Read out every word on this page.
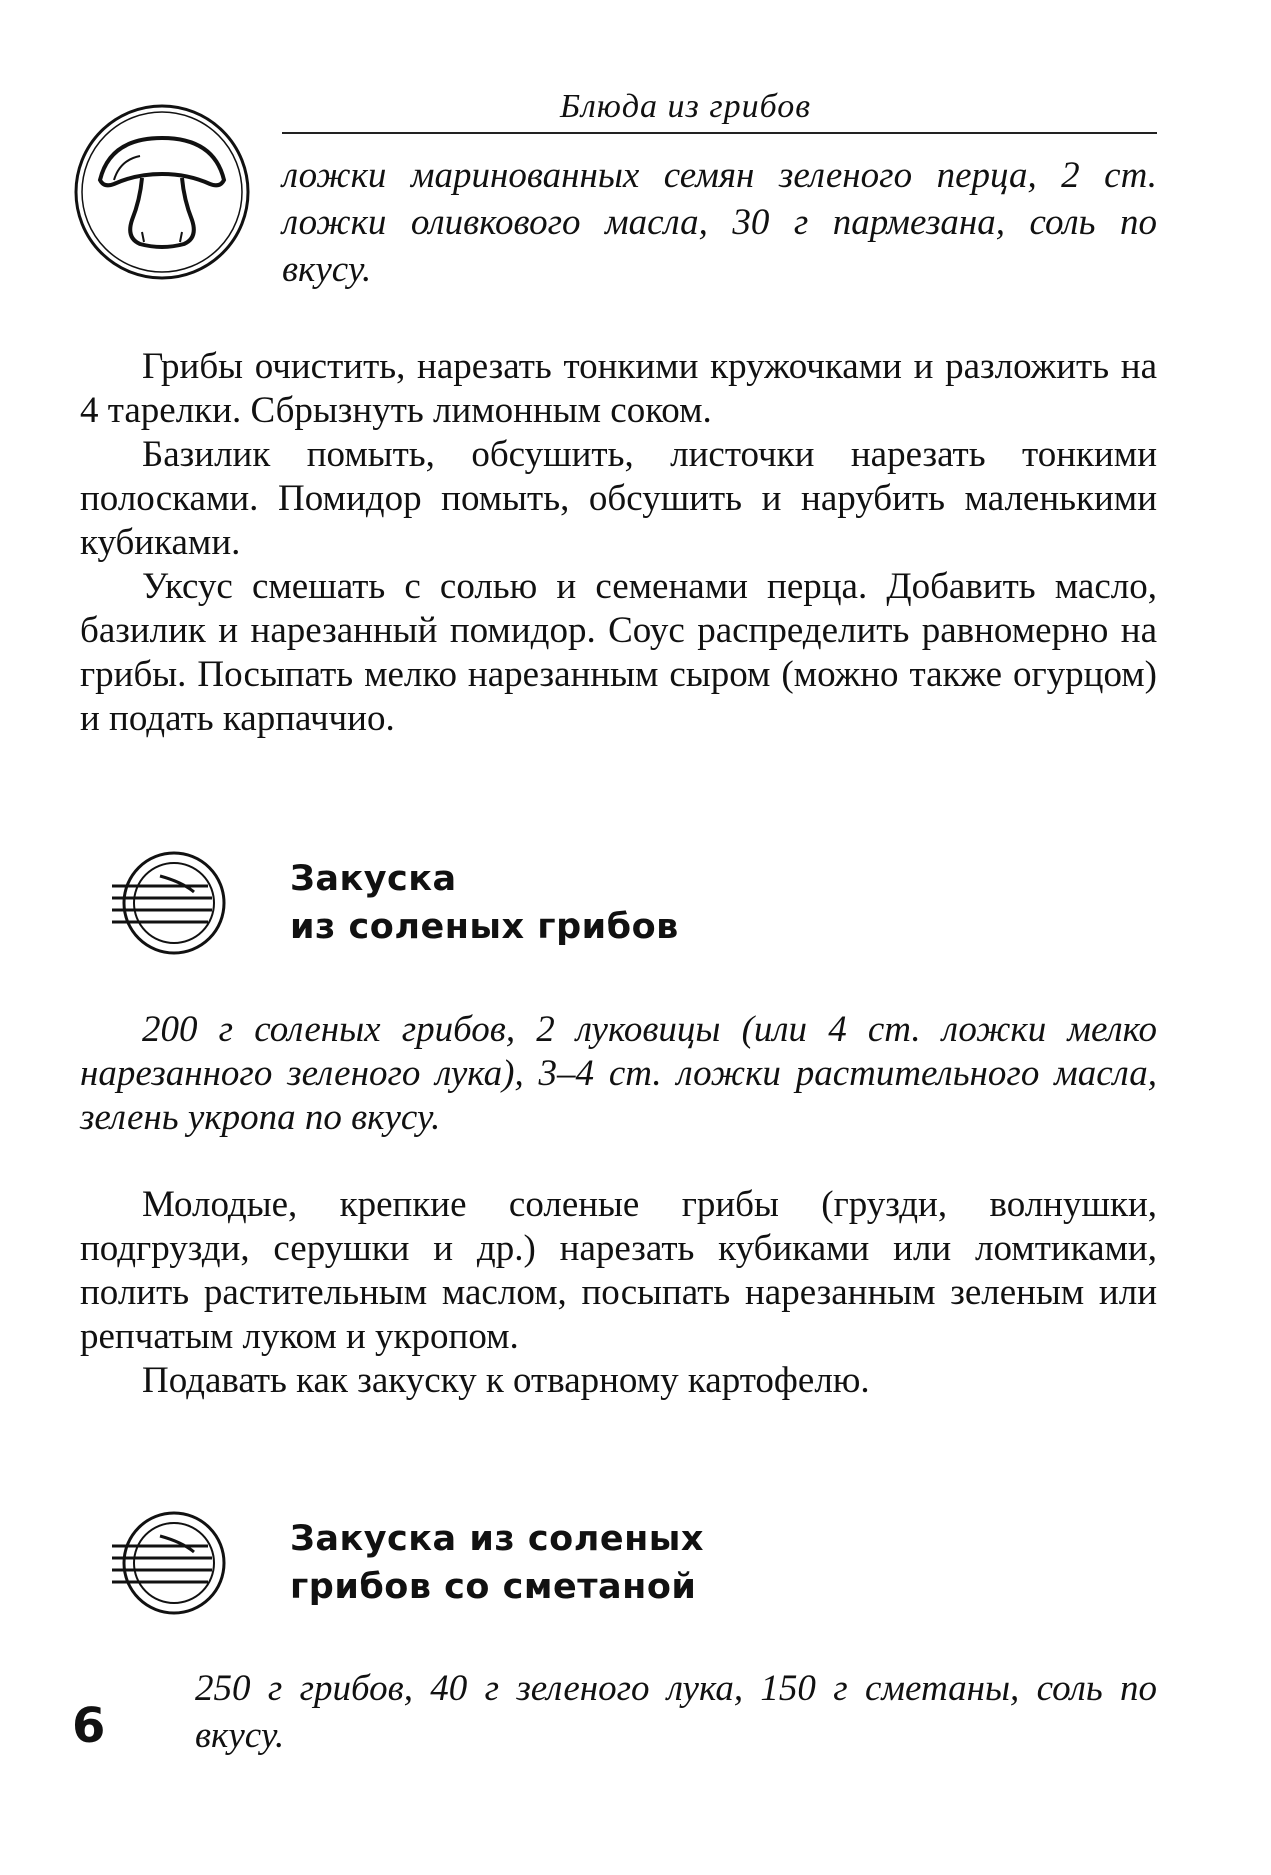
Блюда из грибов
ложки маринованных семян зеленого перца, 2 ст.
ложки оливкового масла, 30 г пармезана, соль по
вкусу.

Грибы очистить, нарезать тонкими кружочками и разложить на 4 тарелки. Сбрызнуть лимонным соком.

Базилик помыть, обсушить, листочки нарезать тонкими полосками. Помидор помыть, обсушить и нарубить маленькими кубиками.

Уксус смешать с солью и семенами перца. Добавить масло, базилик и нарезанный помидор. Соус распределить равномерно на грибы. Посыпать мелко нарезанным сыром (можно также огурцом) и подать карпаччио.

Закуска
из соленых грибов

200 г соленых грибов, 2 луковицы (или 4 ст. ложки мелко нарезанного зеленого лука), 3–4 ст. ложки растительного масла, зелень укропа по вкусу.

Молодые, крепкие соленые грибы (грузди, волнушки, подгрузди, серушки и др.) нарезать кубиками или ломтиками, полить растительным маслом, посыпать нарезанным зеленым или репчатым луком и укропом.

Подавать как закуску к отварному картофелю.

Закуска из соленых
грибов со сметаной

250 г грибов, 40 г зеленого лука, 150 г сметаны, соль по вкусу.

6
